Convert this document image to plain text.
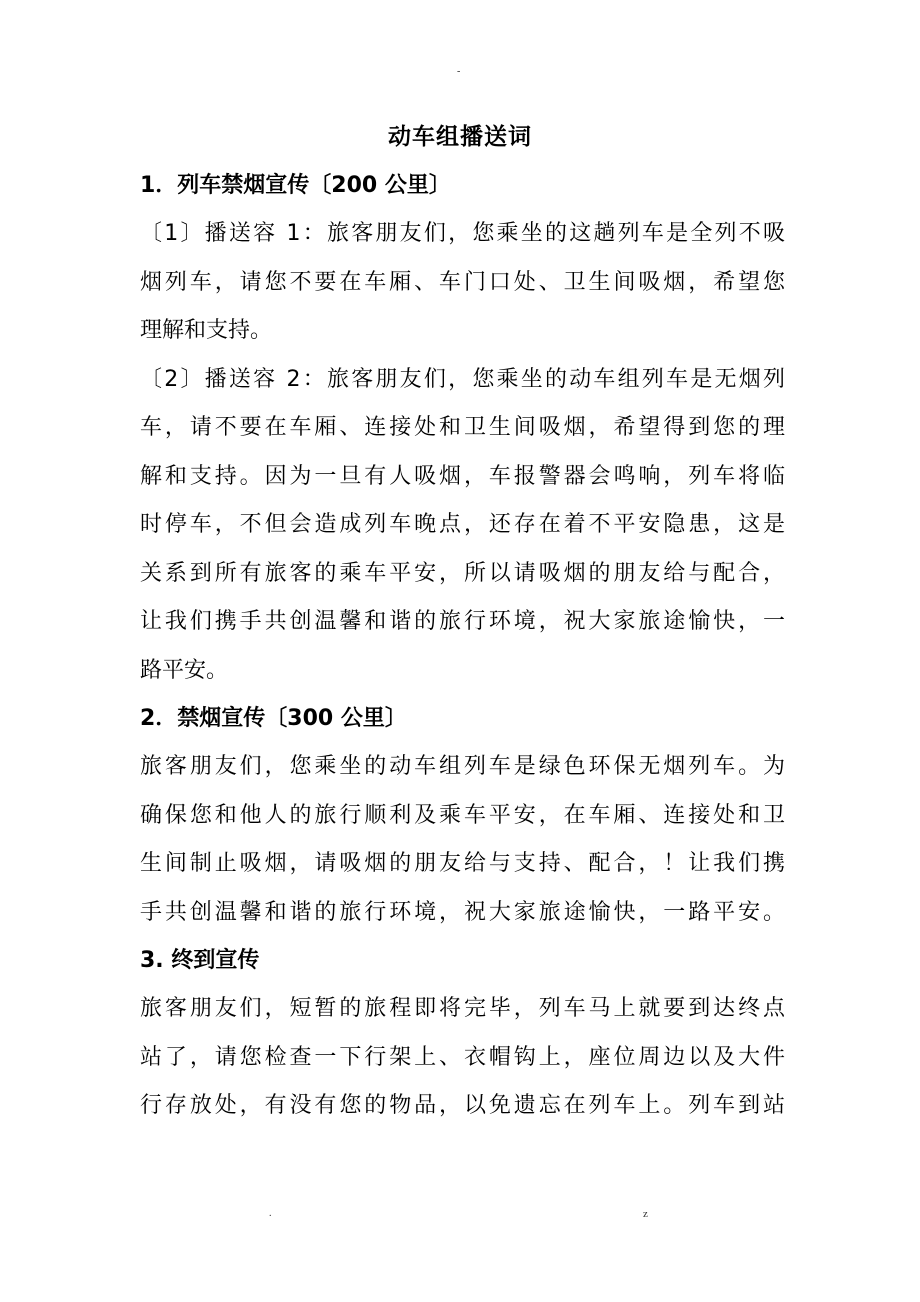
-
动车组播送词
1．列车禁烟宣传〔200 公里〕
〔1〕播送容 1：旅客朋友们，您乘坐的这趟列车是全列不吸
烟列车，请您不要在车厢、车门口处、卫生间吸烟，希望您
理解和支持。
〔2〕播送容 2：旅客朋友们，您乘坐的动车组列车是无烟列
车，请不要在车厢、连接处和卫生间吸烟，希望得到您的理
解和支持。因为一旦有人吸烟，车报警器会鸣响，列车将临
时停车，不但会造成列车晚点，还存在着不平安隐患，这是
关系到所有旅客的乘车平安，所以请吸烟的朋友给与配合，
让我们携手共创温馨和谐的旅行环境，祝大家旅途愉快，一
路平安。
2．禁烟宣传〔300 公里〕
旅客朋友们，您乘坐的动车组列车是绿色环保无烟列车。为
确保您和他人的旅行顺利及乘车平安，在车厢、连接处和卫
生间制止吸烟，请吸烟的朋友给与支持、配合，！让我们携
手共创温馨和谐的旅行环境，祝大家旅途愉快，一路平安。
3. 终到宣传
旅客朋友们，短暂的旅程即将完毕，列车马上就要到达终点
站了，请您检查一下行架上、衣帽钩上，座位周边以及大件
行存放处，有没有您的物品，以免遗忘在列车上。列车到站
.	z
